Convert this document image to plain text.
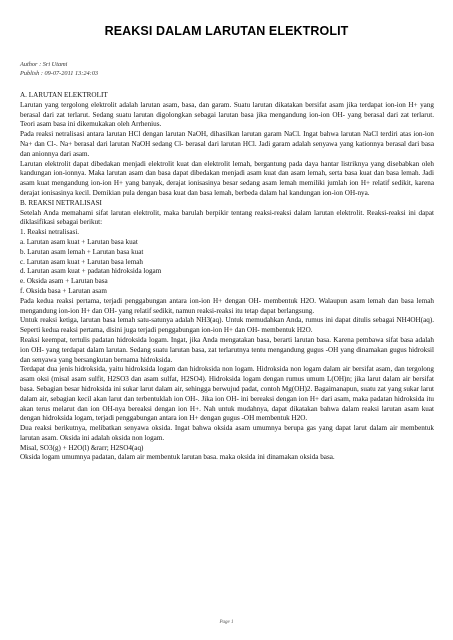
REAKSI DALAM LARUTAN ELEKTROLIT
Author : Sri Utami
Publish : 09-07-2011 13:24:03

A. LARUTAN ELEKTROLIT

Larutan yang tergolong elektrolit adalah larutan asam, basa, dan garam. Suatu larutan dikatakan bersifat asam jika terdapat ion-ion H+ yang berasal dari zat terlarut. Sedang suatu larutan digolongkan sebagai larutan basa jika mengandung ion-ion OH- yang berasal dari zat terlarut. Teori asam basa ini dikemukakan oleh Arrhenius.

Pada reaksi netralisasi antara larutan HCl dengan larutan NaOH, dihasilkan larutan garam NaCl. Ingat bahwa larutan NaCl terdiri atas ion-ion Na+ dan Cl-. Na+ berasal dari larutan NaOH sedang Cl- berasal dari larutan HCl. Jadi garam adalah senyawa yang kationnya berasal dari basa dan anionnya dari asam.

Larutan elektrolit dapat dibedakan menjadi elektrolit kuat dan elektrolit lemah, bergantung pada daya hantar listriknya yang disebabkan oleh kandungan ion-ionnya. Maka larutan asam dan basa dapat dibedakan menjadi asam kuat dan asam lemah, serta basa kuat dan basa lemah. Jadi asam kuat mengandung ion-ion H+ yang banyak, derajat ionisasinya besar sedang asam lemah memiliki jumlah ion H+ relatif sedikit, karena derajat ionisasinya kecil. Demikian pula dengan basa kuat dan basa lemah, berbeda dalam hal kandungan ion-ion OH-nya.

B. REAKSI NETRALISASI

Setelah Anda memahami sifat larutan elektrolit, maka barulah berpikir tentang reaksi-reaksi dalam larutan elektrolit. Reaksi-reaksi ini dapat diklasifikasi sebagai berikut:

1. Reaksi netralisasi.

a. Larutan asam kuat + Larutan basa kuat

b. Larutan asam lemah + Larutan basa kuat

c. Larutan asam kuat + Larutan basa lemah

d. Larutan asam kuat + padatan hidroksida logam

e. Oksida asam + Larutan basa

f. Oksida basa + Larutan asam

Pada kedua reaksi pertama, terjadi penggabungan antara ion-ion H+ dengan OH- membentuk H2O. Walaupun asam lemah dan basa lemah mengandung ion-ion H+ dan OH- yang relatif sedikit, namun reaksi-reaksi itu tetap dapat berlangsung.

Untuk reaksi ketiga, larutan basa lemah satu-satunya adalah NH3(aq). Untuk memudahkan Anda, rumus ini dapat ditulis sebagai NH4OH(aq). Seperti kedua reaksi pertama, disini juga terjadi penggabungan ion-ion H+ dan OH- membentuk H2O.

Reaksi keempat, tertulis padatan hidroksida logam. Ingat, jika Anda mengatakan basa, berarti larutan basa. Karena pembawa sifat basa adalah ion OH- yang terdapat dalam larutan. Sedang suatu larutan basa, zat terlarutnya tentu mengandung gugus -OH yang dinamakan gugus hidroksil dan senyawa yang bersangkutan bernama hidroksida.

Terdapat dua jenis hidroksida, yaitu hidroksida logam dan hidroksida non logam. Hidroksida non logam dalam air bersifat asam, dan tergolong asam oksi (misal asam sulfit, H2SO3 dan asam sulfat, H2SO4). Hidroksida logam dengan rumus umum L(OH)n; jika larut dalam air bersifat basa. Sebagian besar hidroksida ini sukar larut dalam air, sehingga berwujud padat, contoh Mg(OH)2. Bagaimanapun, suatu zat yang sukar larut dalam air, sebagian kecil akan larut dan terbentuklah ion OH-. Jika ion OH- ini bereaksi dengan ion H+ dari asam, maka padatan hidroksida itu akan terus melarut dan ion OH-nya bereaksi dengan ion H+. Nah untuk mudahnya, dapat dikatakan bahwa dalam reaksi larutan asam kuat dengan hidroksida logam, terjadi penggabungan antara ion H+ dengan gugus -OH membentuk H2O.

Dua reaksi berikutnya, melibatkan senyawa oksida. Ingat bahwa oksida asam umumnya berupa gas yang dapat larut dalam air membentuk larutan asam. Oksida ini adalah oksida non logam.

Misal, SO3(g) + H2O(l) &rarr; H2SO4(aq)

Oksida logam umumnya padatan, dalam air membentuk larutan basa. maka oksida ini dinamakan oksida basa.

Page 1
